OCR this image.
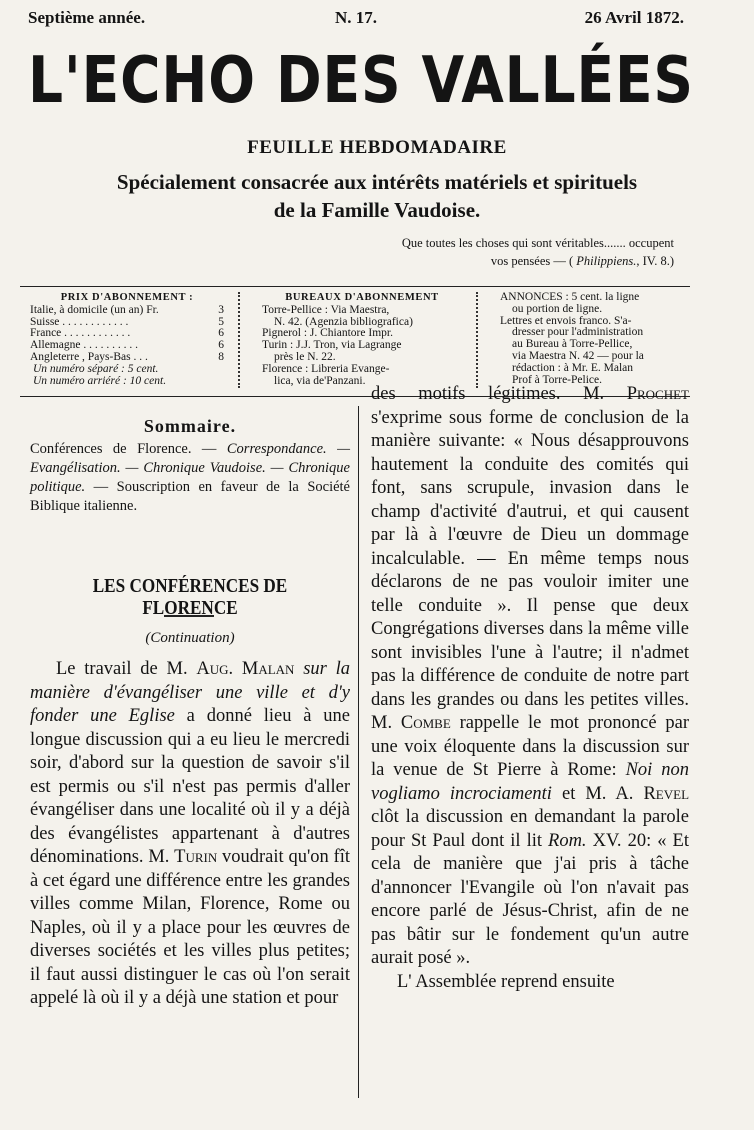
Septième année.	N. 17.	26 Avril 1872.
L'ECHO DES VALLÉES
FEUILLE HEBDOMADAIRE
Spécialement consacrée aux intérêts matériels et spirituels
de la Famille Vaudoise.
Que toutes les choses qui sont véritables....... occupent
vos pensées — ( Philippiens., IV. 8.)
PRIX D'ABONNEMENT :
Italie, à domicile (un an) Fr.	3
Suisse . . . . . . . . . . . .	5
France . . . . . . . . . . . .	6
Allemagne . . . . . . . . . .	6
Angleterre , Pays-Bas . . .	8
Un numéro séparé : 5 cent.
Un numéro arriéré : 10 cent.
BUREAUX D'ABONNEMENT
Torre-Pellice : Via Maestra,
N. 42. (Agenzia bibliografica)
Pignerol : J. Chiantore Impr.
Turin : J.J. Tron, via Lagrange
près le N. 22.
Florence : Libreria Evange-
lica, via de'Panzani.
ANNONCES : 5 cent. la ligne
ou portion de ligne.
Lettres et envois franco. S'a-
dresser pour l'administration
au Bureau à Torre-Pellice,
via Maestra N. 42 — pour la
rédaction : à Mr. E. Malan
Prof à Torre-Pelice.
Sommaire.

Conférences de Florence. — Correspondance. — Evangélisation. — Chronique Vaudoise. — Chronique politique. — Souscription en faveur de la Société Biblique italienne.

Le travail de M. Aug. Malan sur la manière d'évangéliser une ville et d'y fonder une Eglise a donné lieu à une longue discussion qui a eu lieu le mercredi soir, d'abord sur la question de savoir s'il est permis ou s'il n'est pas permis d'aller évangéliser dans une localité où il y a déjà des évangélistes appartenant à d'autres dénominations. M. Turin voudrait qu'on fît à cet égard une différence entre les grandes villes comme Milan, Florence, Rome ou Naples, où il y a place pour les œuvres de diverses sociétés et les villes plus petites; il faut aussi distinguer le cas où l'on serait appelé là où il y a déjà une station et pour

LES CONFÉRENCES DE FLORENCE
(Continuation)

des motifs légitimes. M. Prochet s'exprime sous forme de conclusion de la manière suivante: « Nous désapprouvons hautement la conduite des comités qui font, sans scrupule, invasion dans le champ d'activité d'autrui, et qui causent par là à l'œuvre de Dieu un dommage incalculable. — En même temps nous déclarons de ne pas vouloir imiter une telle conduite ». Il pense que deux Congrégations diverses dans la même ville sont invisibles l'une à l'autre; il n'admet pas la différence de conduite de notre part dans les grandes ou dans les petites villes. M. Combe rappelle le mot prononcé par une voix éloquente dans la discussion sur la venue de St Pierre à Rome: Noi non vogliamo incrociamenti et M. A. Revel clôt la discussion en demandant la parole pour St Paul dont il lit Rom. XV. 20: « Et cela de manière que j'ai pris à tâche d'annoncer l'Evangile où l'on n'avait pas encore parlé de Jésus-Christ, afin de ne pas bâtir sur le fondement qu'un autre aurait posé ».

L' Assemblée reprend ensuite
